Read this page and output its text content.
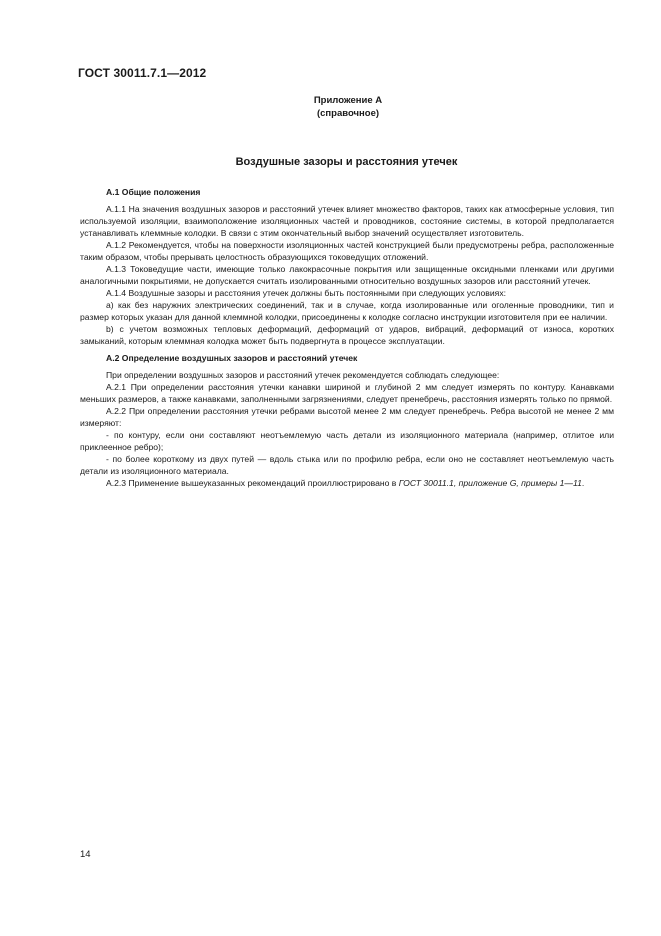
ГОСТ 30011.7.1—2012
Приложение А
(справочное)
Воздушные зазоры и расстояния утечек

А.1 Общие положения

А.1.1 На значения воздушных зазоров и расстояний утечек влияет множество факторов, таких как атмосферные условия, тип используемой изоляции, взаимоположение изоляционных частей и проводников, состояние системы, в которой предполагается устанавливать клеммные колодки. В связи с этим окончательный выбор значений осуществляет изготовитель.

А.1.2 Рекомендуется, чтобы на поверхности изоляционных частей конструкцией были предусмотрены ребра, расположенные таким образом, чтобы прерывать целостность образующихся токоведущих отложений.

А.1.3 Токоведущие части, имеющие только лакокрасочные покрытия или защищенные оксидными пленками или другими аналогичными покрытиями, не допускается считать изолированными относительно воздушных зазоров или расстояний утечек.

А.1.4 Воздушные зазоры и расстояния утечек должны быть постоянными при следующих условиях:

а) как без наружних электрических соединений, так и в случае, когда изолированные или оголенные проводники, тип и размер которых указан для данной клеммной колодки, присоединены к колодке согласно инструкции изготовителя при ее наличии.

b) с учетом возможных тепловых деформаций, деформаций от ударов, вибраций, деформаций от износа, коротких замыканий, которым клеммная колодка может быть подвергнута в процессе эксплуатации.

А.2 Определение воздушных зазоров и расстояний утечек

При определении воздушных зазоров и расстояний утечек рекомендуется соблюдать следующее:

А.2.1 При определении расстояния утечки канавки шириной и глубиной 2 мм следует измерять по контуру. Канавками меньших размеров, а также канавками, заполненными загрязнениями, следует пренебречь, расстояния измерять только по прямой.

А.2.2 При определении расстояния утечки ребрами высотой менее 2 мм следует пренебречь. Ребра высотой не менее 2 мм измеряют:

- по контуру, если они составляют неотъемлемую часть детали из изоляционного материала (например, отлитое или приклеенное ребро);

- по более короткому из двух путей — вдоль стыка или по профилю ребра, если оно не составляет неотъемлемую часть детали из изоляционного материала.

А.2.3 Применение вышеуказанных рекомендаций проиллюстрировано в ГОСТ 30011.1, приложение G, примеры 1—11.

14
